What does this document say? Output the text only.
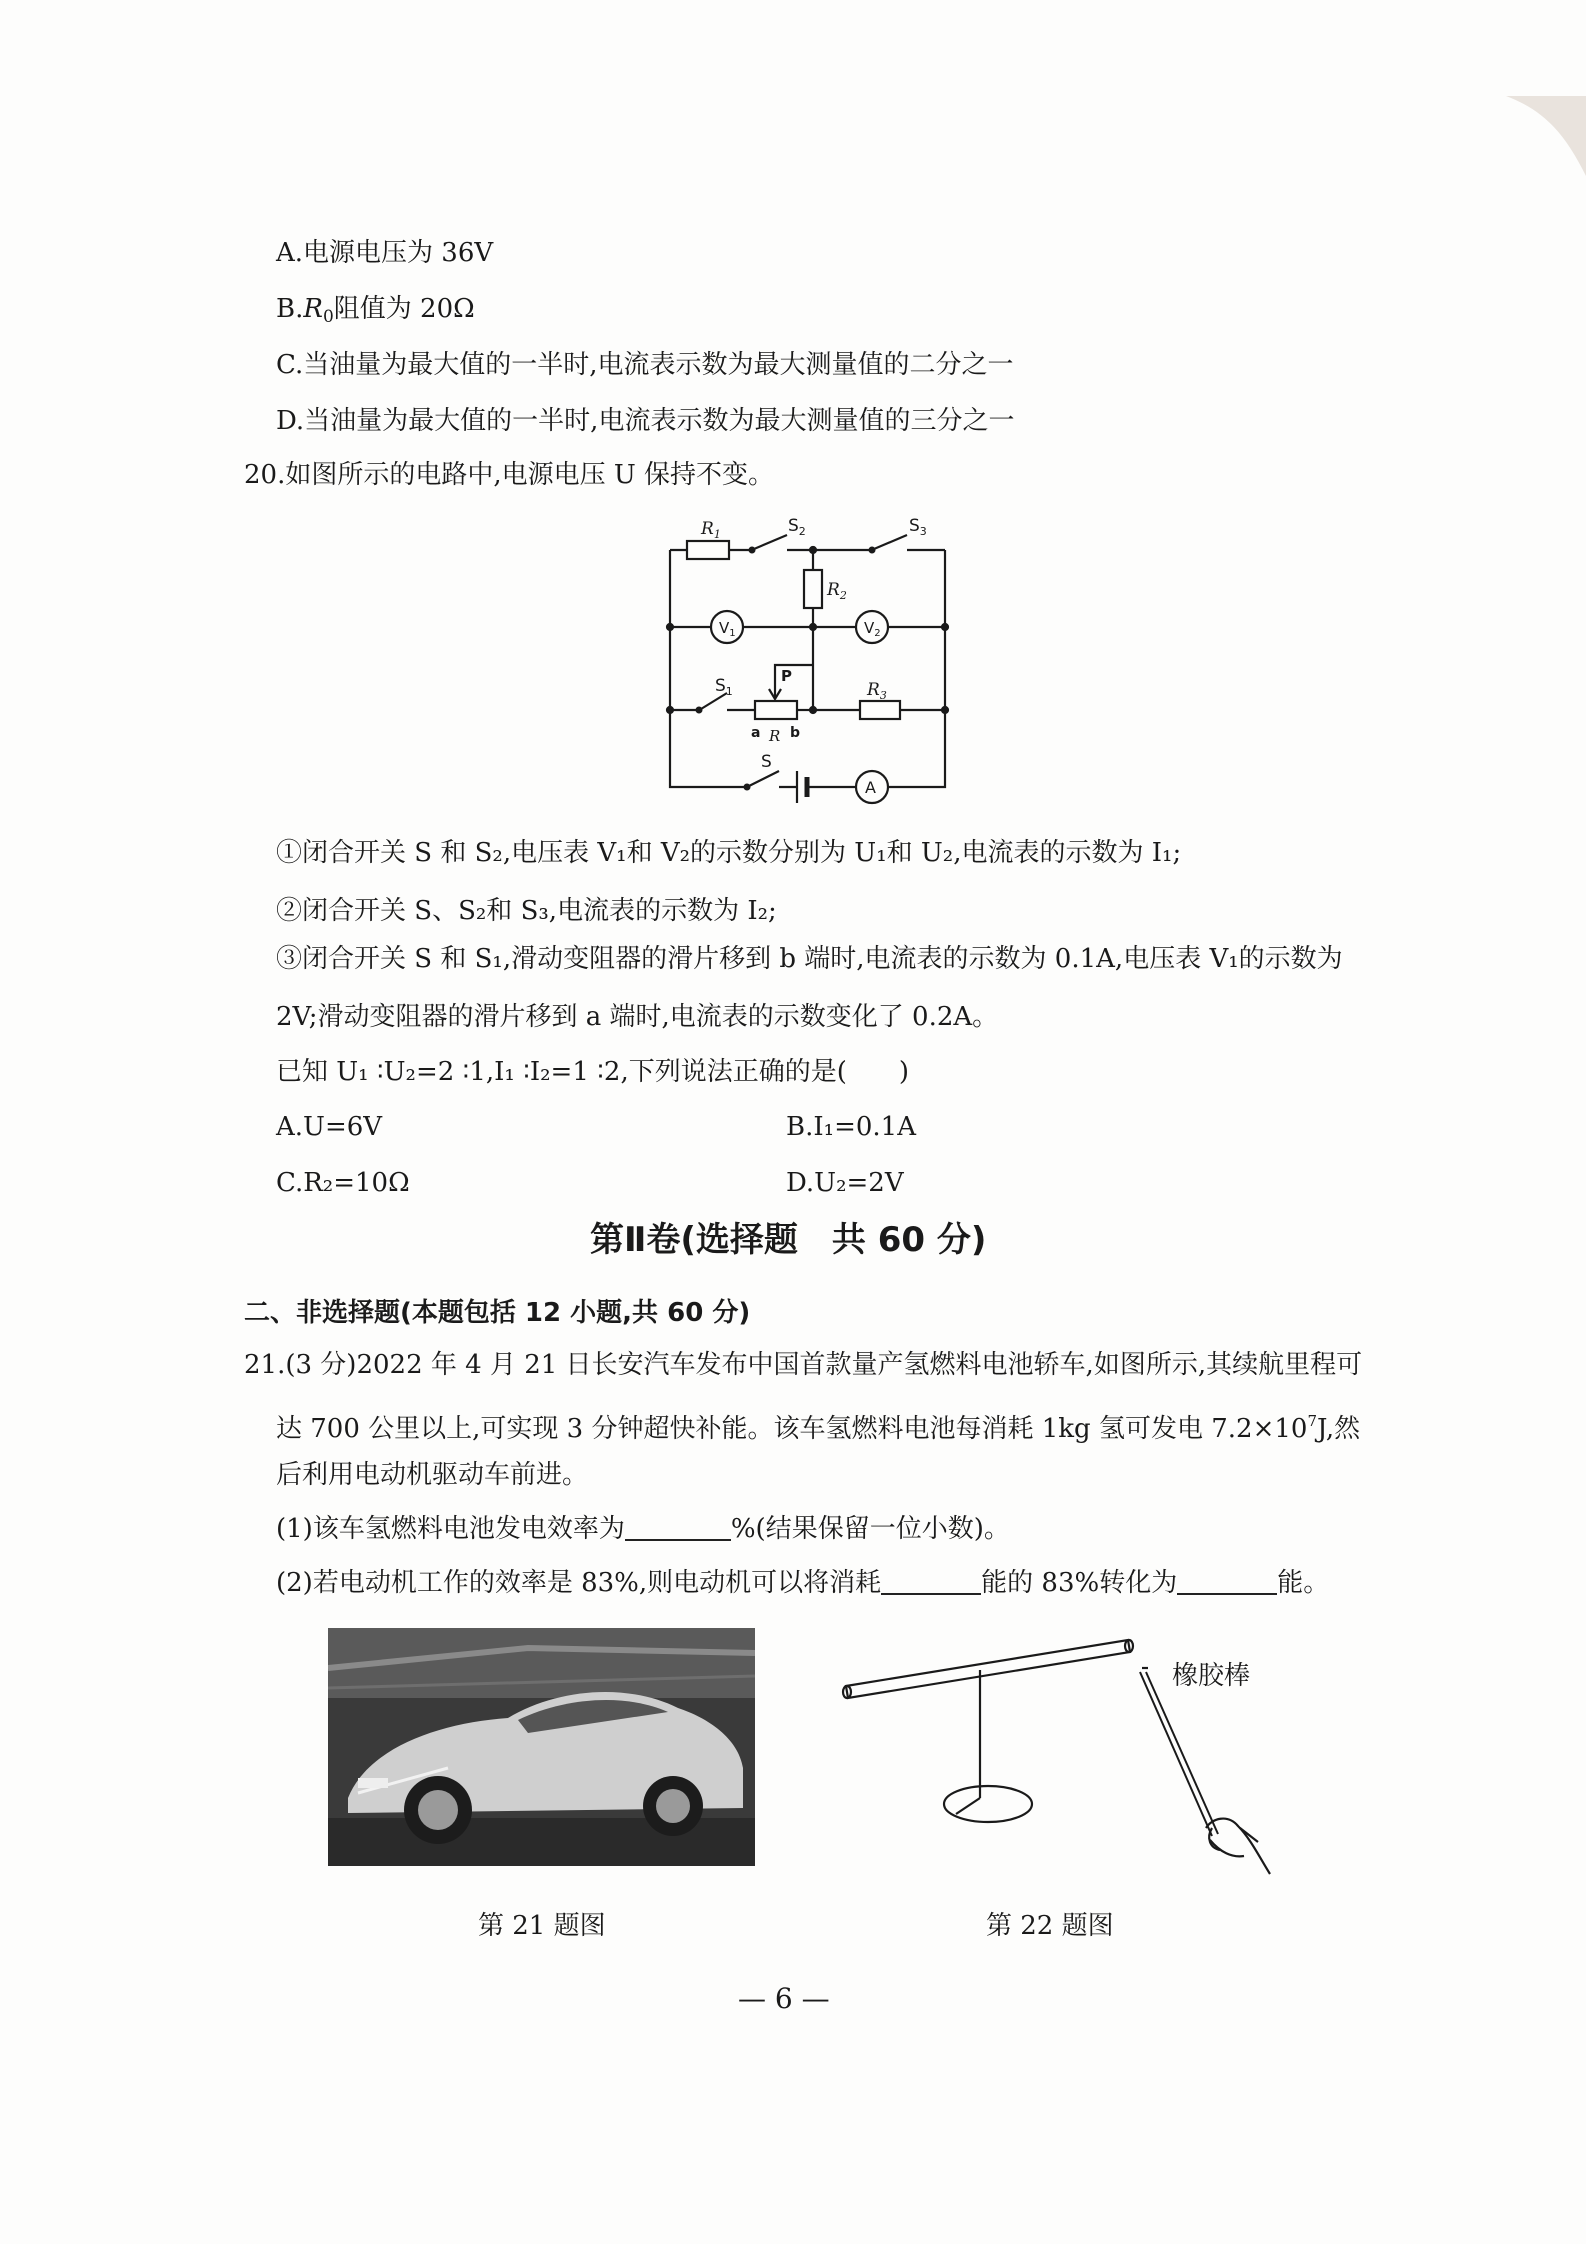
A.电源电压为 36V
$B.R_0$阻值为 20Ω
C.当油量为最大值的一半时,电流表示数为最大测量值的二分之一
D.当油量为最大值的一半时,电流表示数为最大测量值的三分之一
20.如图所示的电路中,电源电压 U 保持不变。
$R_1$	$S_2$	$S_3$
$R_2$
$V_1$	$V_2$
$S_1$
P
$R_3$
a R b
S
A
①闭合开关 S 和 S₂,电压表 V₁和 V₂的示数分别为 U₁和 U₂,电流表的示数为 I₁;
②闭合开关 S、S₂和 S₃,电流表的示数为 I₂;
③闭合开关 S 和 S₁,滑动变阻器的滑片移到 b 端时,电流表的示数为 0.1A,电压表 V₁的示数为
2V;滑动变阻器的滑片移到 a 端时,电流表的示数变化了 0.2A。
已知 U₁ ∶U₂=2 ∶1,I₁ ∶I₂=1 ∶2,下列说法正确的是(　　)
A.U=6V	B.I₁=0.1A
C.R₂=10Ω	D.U₂=2V
第Ⅱ卷(选择题　共 60 分)
二、非选择题(本题包括 12 小题,共 60 分)
21.(3 分)2022 年 4 月 21 日长安汽车发布中国首款量产氢燃料电池轿车,如图所示,其续航里程可
达 700 公里以上,可实现 3 分钟超快补能。该车氢燃料电池每消耗 1kg 氢可发电 $7.2\times 10^7J$,然
后利用电动机驱动车前进。
(1)该车氢燃料电池发电效率为	%(结果保留一位小数)。
(2)若电动机工作的效率是 83%,则电动机可以将消耗	能的 83%转化为	能。
橡胶棒
第 21 题图	第 22 题图
— 6 —
